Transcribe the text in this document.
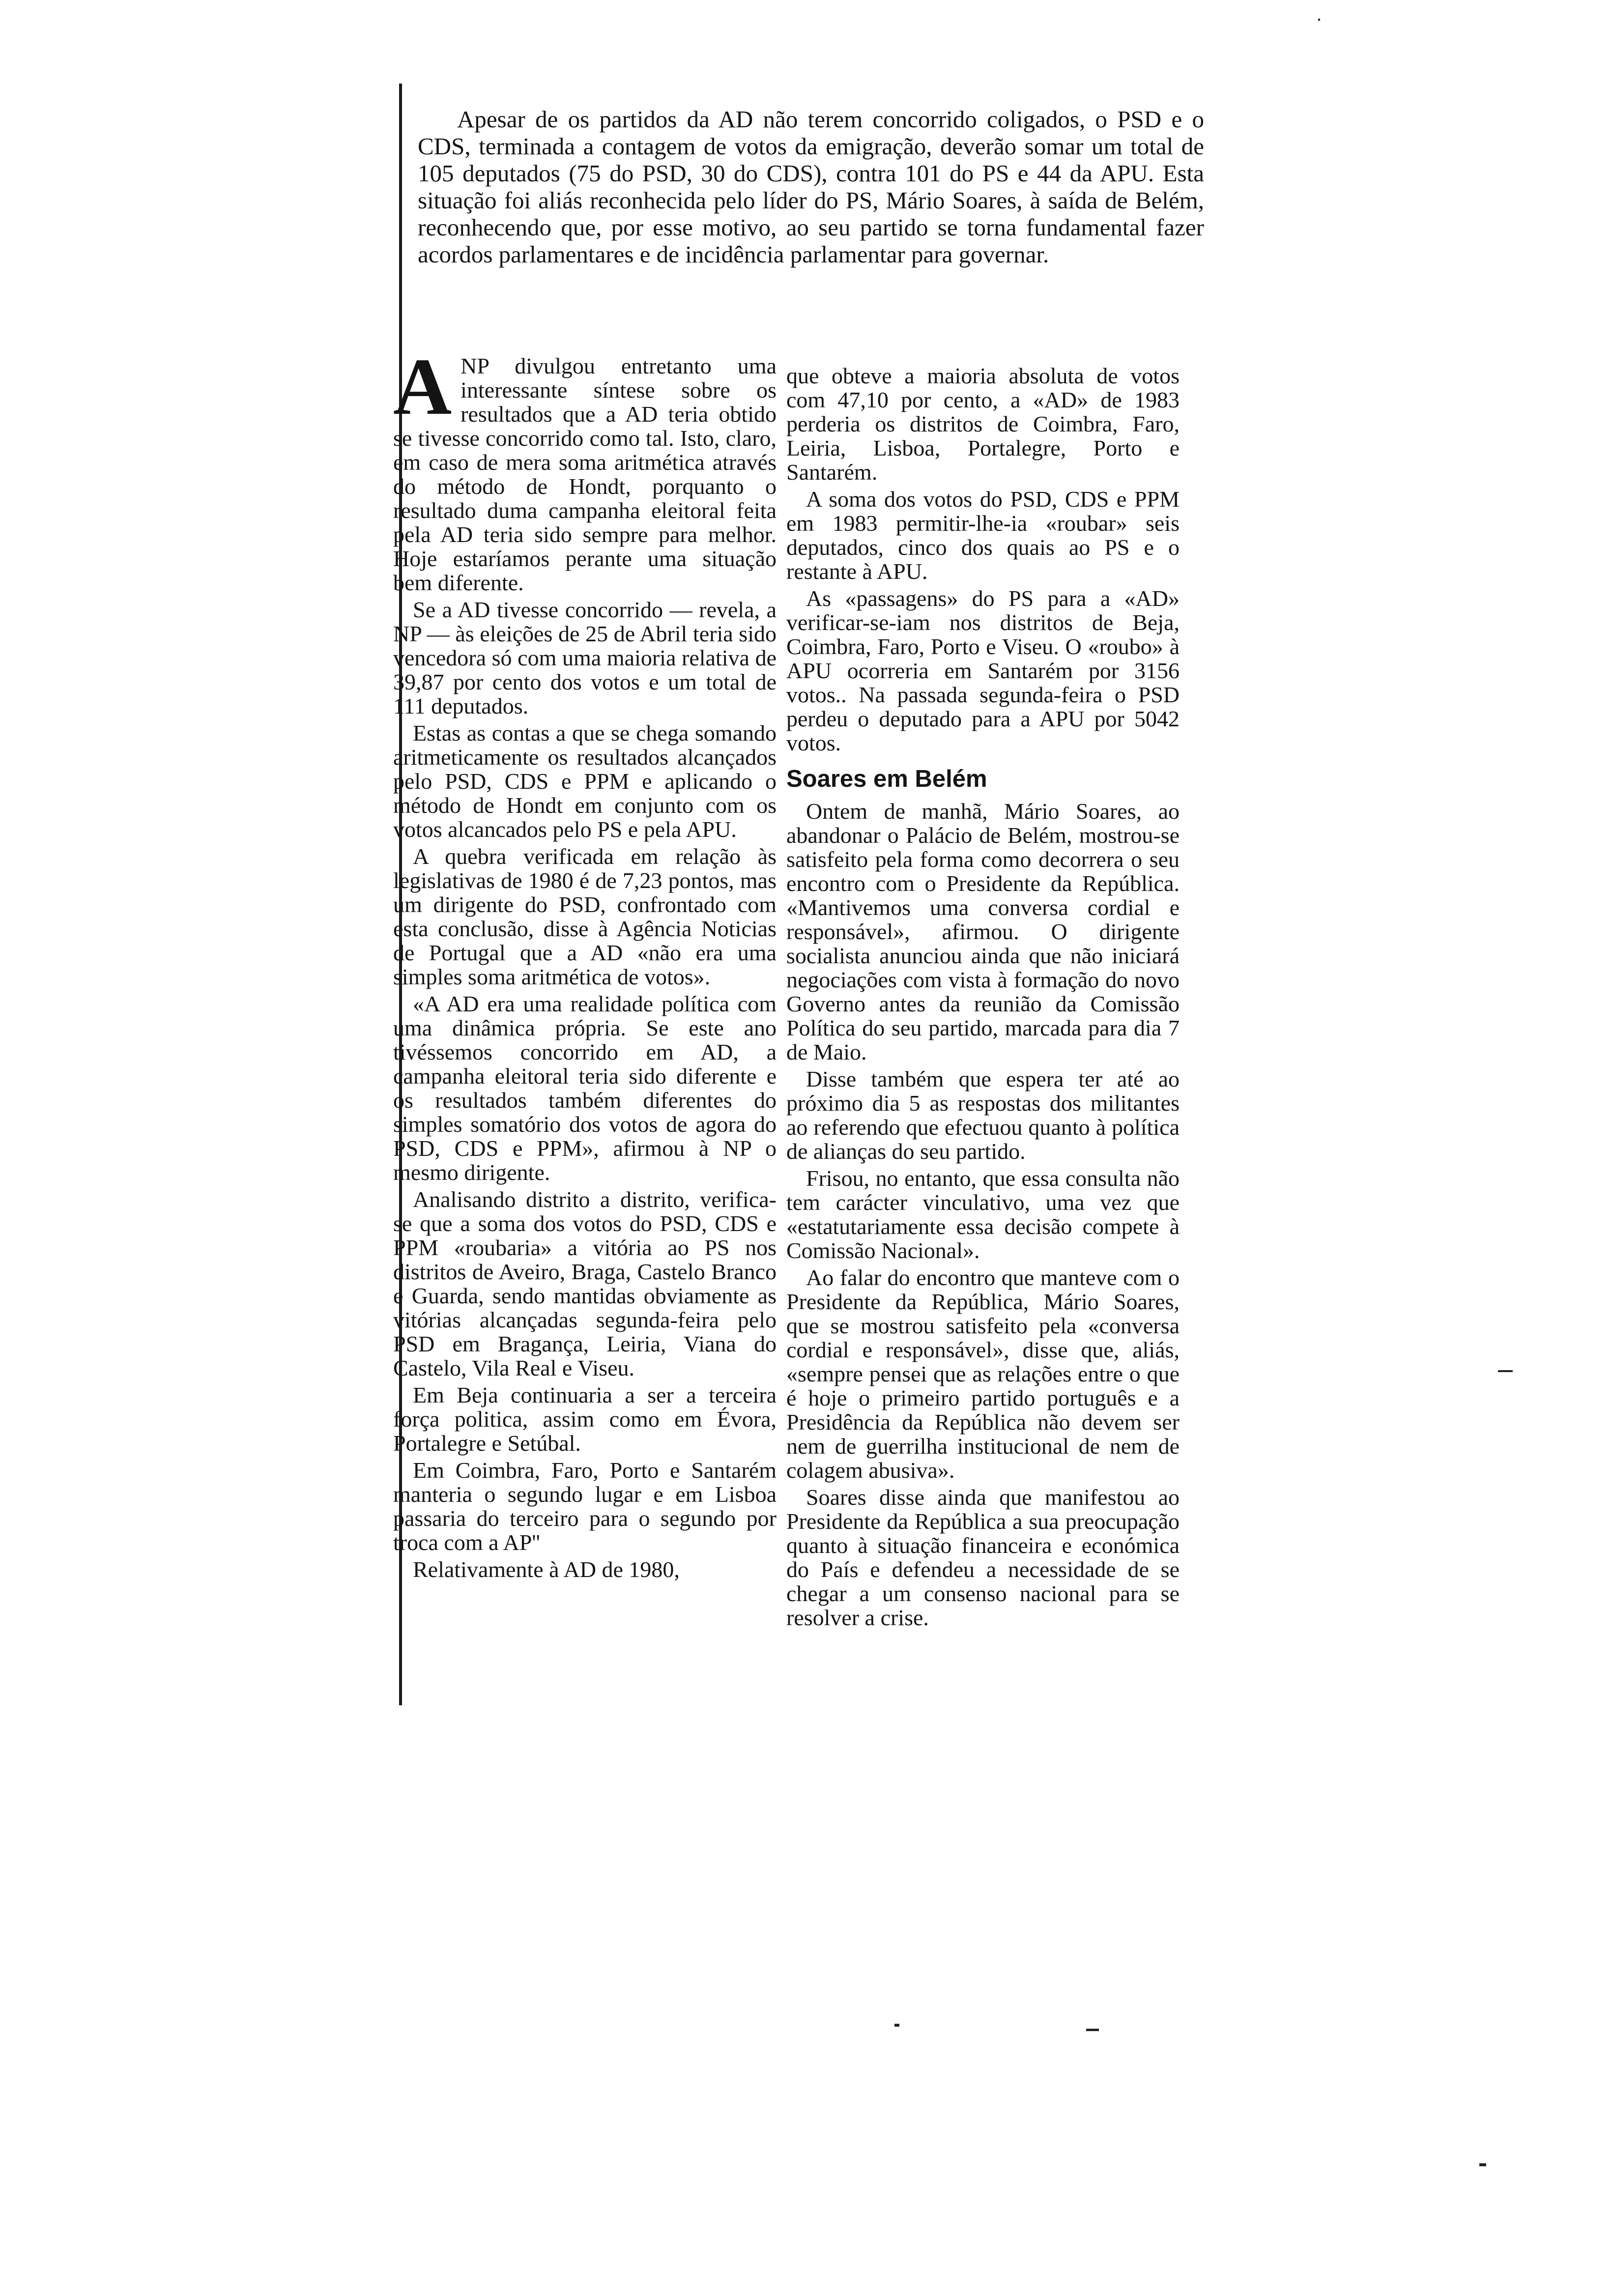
Apesar de os partidos da AD não terem concorrido coligados, o PSD e o CDS, terminada a contagem de votos da emigração, deverão somar um total de 105 deputados (75 do PSD, 30 do CDS), contra 101 do PS e 44 da APU. Esta situação foi aliás reconhecida pelo líder do PS, Mário Soares, à saída de Belém, reconhecendo que, por esse motivo, ao seu partido se torna fundamental fazer acordos parlamentares e de incidência parlamentar para governar.

ANP divulgou entretanto uma interessante síntese sobre os resultados que a AD teria obtido se tivesse concorrido como tal. Isto, claro, em caso de mera soma aritmética através do método de Hondt, porquanto o resultado duma campanha eleitoral feita pela AD teria sido sempre para melhor. Hoje estaríamos perante uma situação bem diferente.

Se a AD tivesse concorrido — revela, a NP — às eleições de 25 de Abril teria sido vencedora só com uma maioria relativa de 39,87 por cento dos votos e um total de 111 deputados.

Estas as contas a que se chega somando aritmeticamente os resultados alcançados pelo PSD, CDS e PPM e aplicando o método de Hondt em conjunto com os votos alcancados pelo PS e pela APU.

A quebra verificada em relação às legislativas de 1980 é de 7,23 pontos, mas um dirigente do PSD, confrontado com esta conclusão, disse à Agência Noticias de Portugal que a AD «não era uma simples soma aritmética de votos».

«A AD era uma realidade política com uma dinâmica própria. Se este ano tivéssemos concorrido em AD, a campanha eleitoral teria sido diferente e os resultados também diferentes do simples somatório dos votos de agora do PSD, CDS e PPM», afirmou à NP o mesmo dirigente.

Analisando distrito a distrito, verifica-se que a soma dos votos do PSD, CDS e PPM «roubaria» a vitória ao PS nos distritos de Aveiro, Braga, Castelo Branco e Guarda, sendo mantidas obviamente as vitórias alcançadas segunda-feira pelo PSD em Bragança, Leiria, Viana do Castelo, Vila Real e Viseu.

Em Beja continuaria a ser a terceira força politica, assim como em Évora, Portalegre e Setúbal.

Em Coimbra, Faro, Porto e Santarém manteria o segundo lugar e em Lisboa passaria do terceiro para o segundo por troca com a AP''

Relativamente à AD de 1980,

que obteve a maioria absoluta de votos com 47,10 por cento, a «AD» de 1983 perderia os distritos de Coimbra, Faro, Leiria, Lisboa, Portalegre, Porto e Santarém.

A soma dos votos do PSD, CDS e PPM em 1983 permitir-lhe-ia «roubar» seis deputados, cinco dos quais ao PS e o restante à APU.

As «passagens» do PS para a «AD» verificar-se-iam nos distritos de Beja, Coimbra, Faro, Porto e Viseu. O «roubo» à APU ocorreria em Santarém por 3156 votos.. Na passada segunda-feira o PSD perdeu o deputado para a APU por 5042 votos.

Soares em Belém

Ontem de manhã, Mário Soares, ao abandonar o Palácio de Belém, mostrou-se satisfeito pela forma como decorrera o seu encontro com o Presidente da República. «Mantivemos uma conversa cordial e responsável», afirmou. O dirigente socialista anunciou ainda que não iniciará negociações com vista à formação do novo Governo antes da reunião da Comissão Política do seu partido, marcada para dia 7 de Maio.

Disse também que espera ter até ao próximo dia 5 as respostas dos militantes ao referendo que efectuou quanto à política de alianças do seu partido.

Frisou, no entanto, que essa consulta não tem carácter vinculativo, uma vez que «estatutariamente essa decisão compete à Comissão Nacional».

Ao falar do encontro que manteve com o Presidente da República, Mário Soares, que se mostrou satisfeito pela «conversa cordial e responsável», disse que, aliás, «sempre pensei que as relações entre o que é hoje o primeiro partido português e a Presidência da República não devem ser nem de guerrilha institucional de nem de colagem abusiva».

Soares disse ainda que manifestou ao Presidente da República a sua preocupação quanto à situação financeira e económica do País e defendeu a necessidade de se chegar a um consenso nacional para se resolver a crise.
